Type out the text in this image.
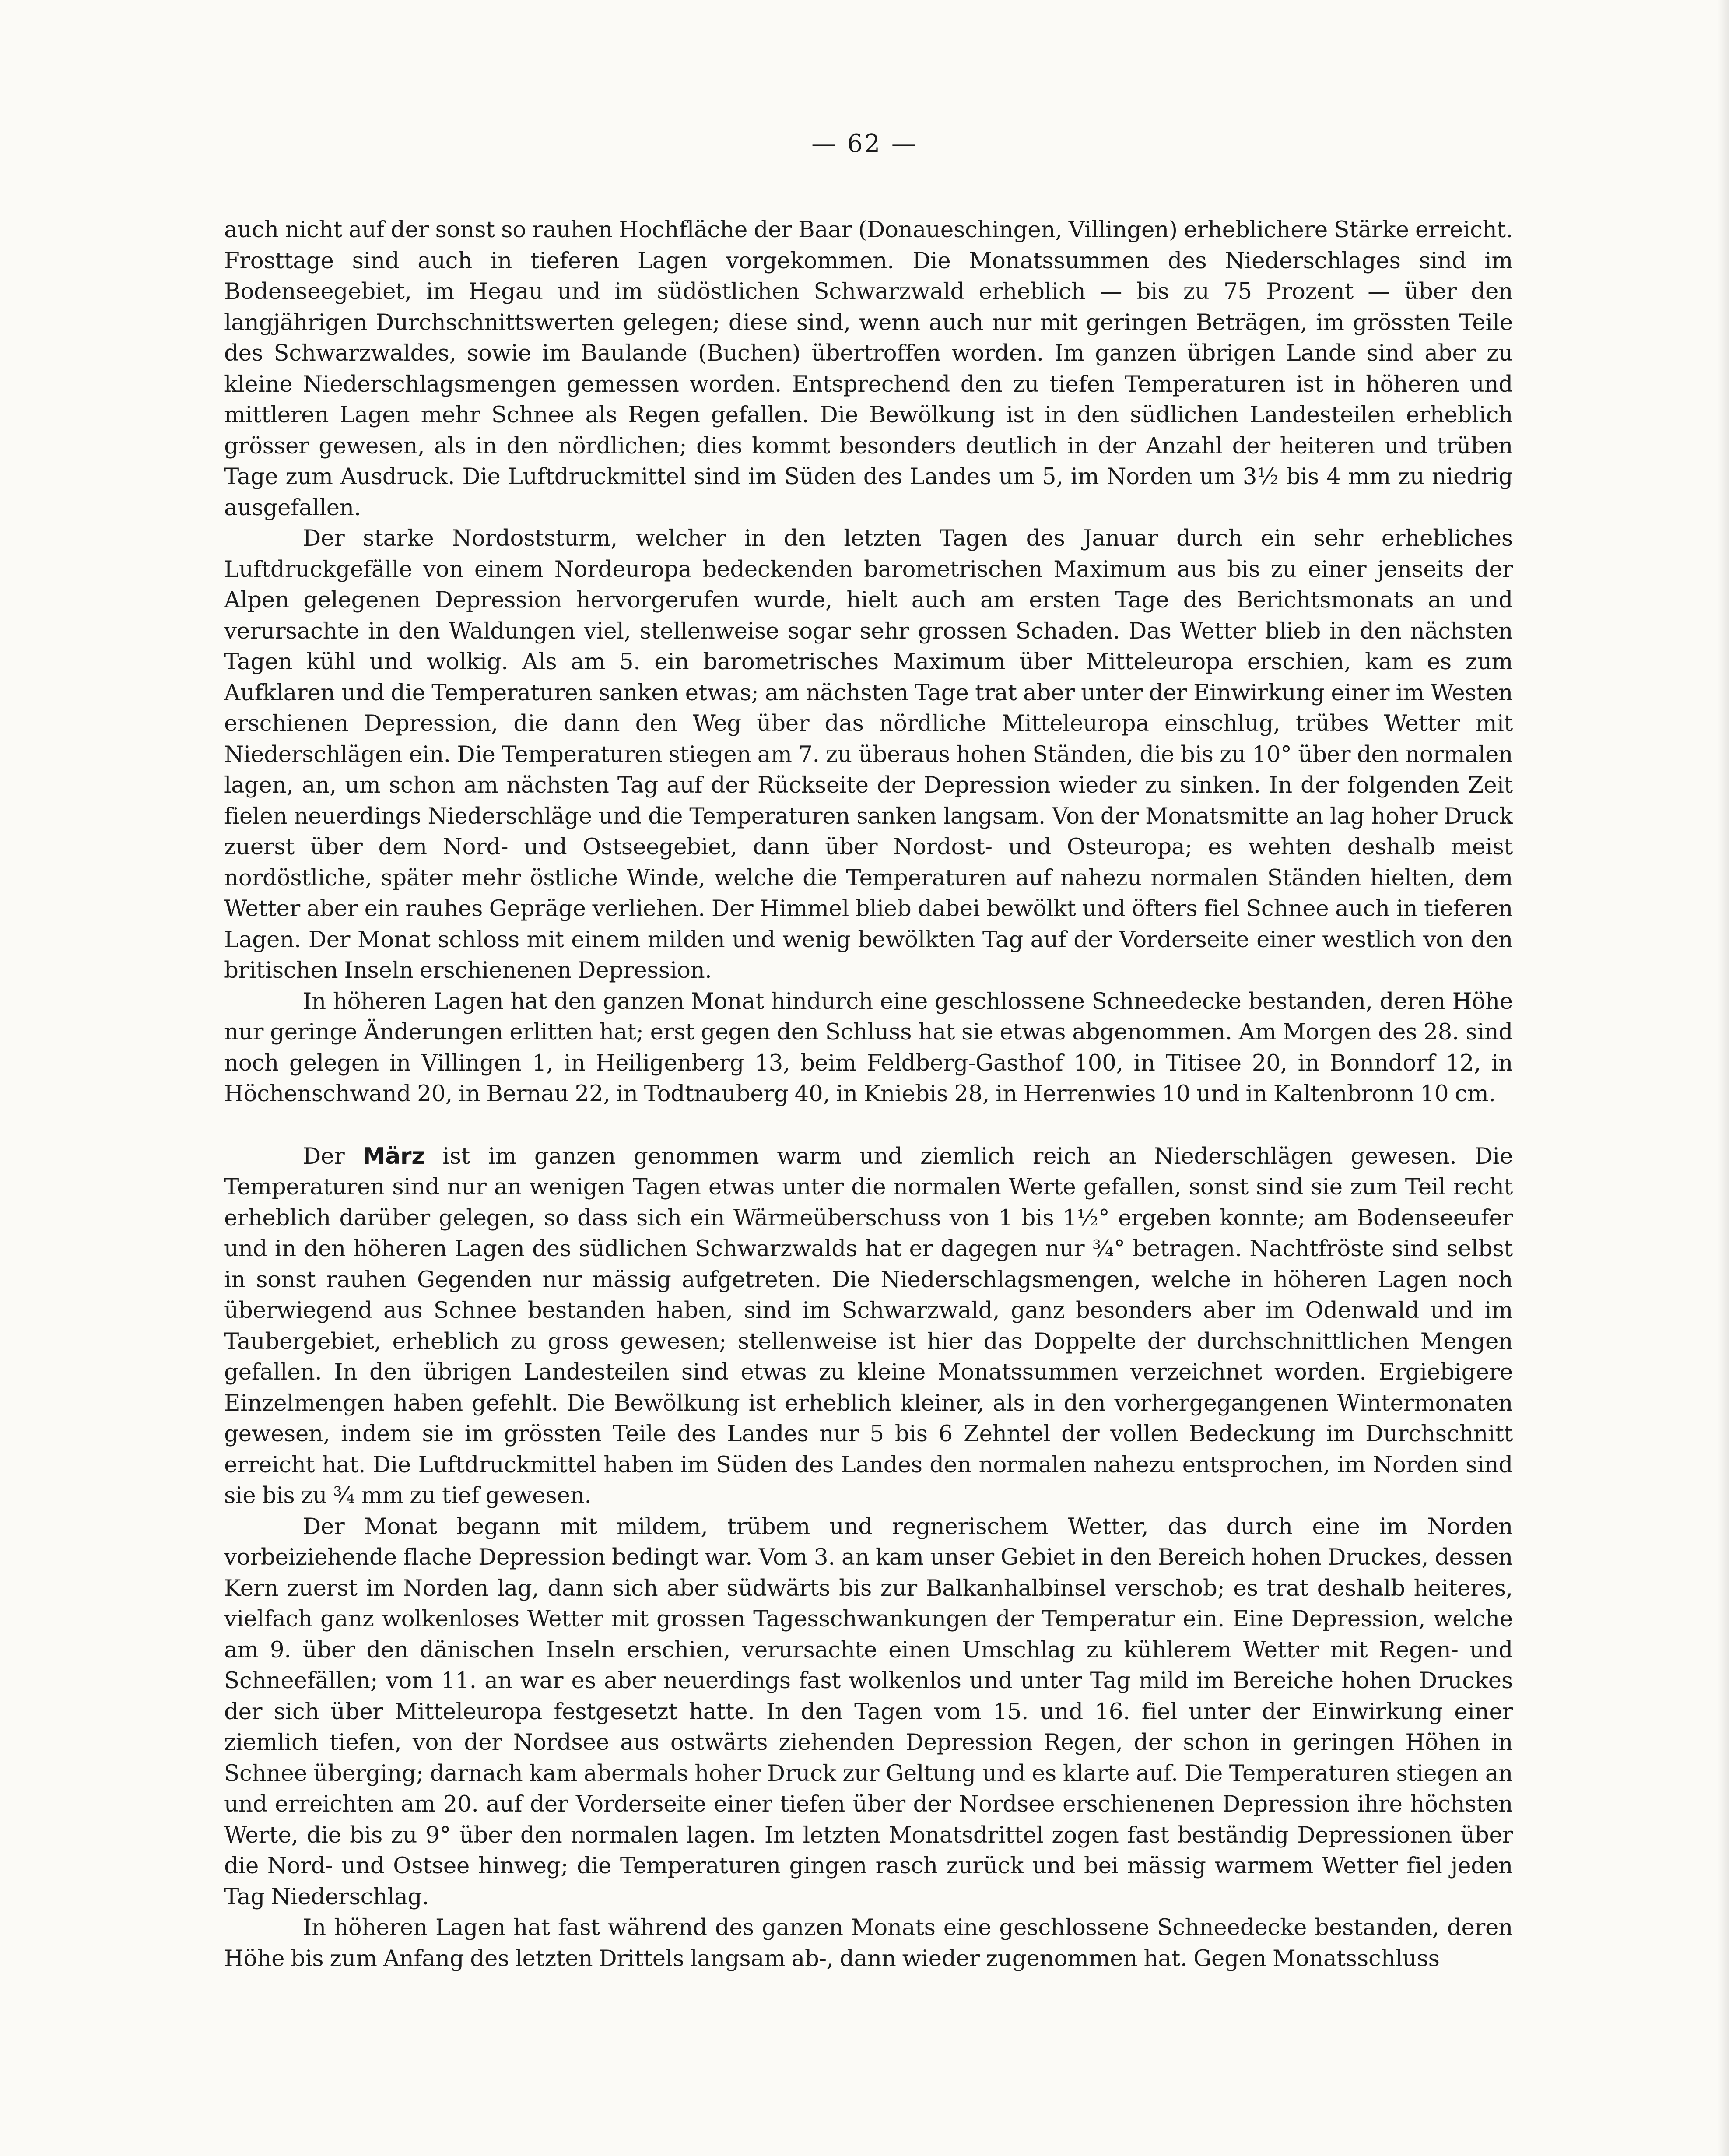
— 62 —

auch nicht auf der sonst so rauhen Hochfläche der Baar (Donaueschingen, Villingen) erheblichere Stärke erreicht. Frosttage sind auch in tieferen Lagen vorgekommen. Die Monatssummen des Niederschlages sind im Bodenseegebiet, im Hegau und im südöstlichen Schwarzwald erheblich — bis zu 75 Prozent — über den langjährigen Durchschnittswerten gelegen; diese sind, wenn auch nur mit geringen Beträgen, im grössten Teile des Schwarzwaldes, sowie im Baulande (Buchen) übertroffen worden. Im ganzen übrigen Lande sind aber zu kleine Niederschlagsmengen gemessen worden. Entsprechend den zu tiefen Temperaturen ist in höheren und mittleren Lagen mehr Schnee als Regen gefallen. Die Bewölkung ist in den südlichen Landesteilen erheblich grösser gewesen, als in den nördlichen; dies kommt besonders deutlich in der Anzahl der heiteren und trüben Tage zum Ausdruck. Die Luftdruckmittel sind im Süden des Landes um 5, im Norden um 3½ bis 4 mm zu niedrig ausgefallen.

Der starke Nordoststurm, welcher in den letzten Tagen des Januar durch ein sehr erhebliches Luftdruckgefälle von einem Nordeuropa bedeckenden barometrischen Maximum aus bis zu einer jenseits der Alpen gelegenen Depression hervorgerufen wurde, hielt auch am ersten Tage des Berichtsmonats an und verursachte in den Waldungen viel, stellenweise sogar sehr grossen Schaden. Das Wetter blieb in den nächsten Tagen kühl und wolkig. Als am 5. ein barometrisches Maximum über Mitteleuropa erschien, kam es zum Aufklaren und die Temperaturen sanken etwas; am nächsten Tage trat aber unter der Einwirkung einer im Westen erschienen Depression, die dann den Weg über das nördliche Mitteleuropa einschlug, trübes Wetter mit Niederschlägen ein. Die Temperaturen stiegen am 7. zu überaus hohen Ständen, die bis zu 10° über den normalen lagen, an, um schon am nächsten Tag auf der Rückseite der Depression wieder zu sinken. In der folgenden Zeit fielen neuerdings Niederschläge und die Temperaturen sanken langsam. Von der Monatsmitte an lag hoher Druck zuerst über dem Nord- und Ostseegebiet, dann über Nordost- und Osteuropa; es wehten deshalb meist nordöstliche, später mehr östliche Winde, welche die Temperaturen auf nahezu normalen Ständen hielten, dem Wetter aber ein rauhes Gepräge verliehen. Der Himmel blieb dabei bewölkt und öfters fiel Schnee auch in tieferen Lagen. Der Monat schloss mit einem milden und wenig bewölkten Tag auf der Vorderseite einer westlich von den britischen Inseln erschienenen Depression.

In höheren Lagen hat den ganzen Monat hindurch eine geschlossene Schneedecke bestanden, deren Höhe nur geringe Änderungen erlitten hat; erst gegen den Schluss hat sie etwas abgenommen. Am Morgen des 28. sind noch gelegen in Villingen 1, in Heiligenberg 13, beim Feldberg-Gasthof 100, in Titisee 20, in Bonndorf 12, in Höchenschwand 20, in Bernau 22, in Todtnauberg 40, in Kniebis 28, in Herrenwies 10 und in Kaltenbronn 10 cm.

Der März ist im ganzen genommen warm und ziemlich reich an Niederschlägen gewesen. Die Temperaturen sind nur an wenigen Tagen etwas unter die normalen Werte gefallen, sonst sind sie zum Teil recht erheblich darüber gelegen, so dass sich ein Wärmeüberschuss von 1 bis 1½° ergeben konnte; am Bodenseeufer und in den höheren Lagen des südlichen Schwarzwalds hat er dagegen nur ¾° betragen. Nachtfröste sind selbst in sonst rauhen Gegenden nur mässig aufgetreten. Die Niederschlagsmengen, welche in höheren Lagen noch überwiegend aus Schnee bestanden haben, sind im Schwarzwald, ganz besonders aber im Odenwald und im Taubergebiet, erheblich zu gross gewesen; stellenweise ist hier das Doppelte der durchschnittlichen Mengen gefallen. In den übrigen Landesteilen sind etwas zu kleine Monatssummen verzeichnet worden. Ergiebigere Einzelmengen haben gefehlt. Die Bewölkung ist erheblich kleiner, als in den vorhergegangenen Wintermonaten gewesen, indem sie im grössten Teile des Landes nur 5 bis 6 Zehntel der vollen Bedeckung im Durchschnitt erreicht hat. Die Luftdruckmittel haben im Süden des Landes den normalen nahezu entsprochen, im Norden sind sie bis zu ¾ mm zu tief gewesen.

Der Monat begann mit mildem, trübem und regnerischem Wetter, das durch eine im Norden vorbeiziehende flache Depression bedingt war. Vom 3. an kam unser Gebiet in den Bereich hohen Druckes, dessen Kern zuerst im Norden lag, dann sich aber südwärts bis zur Balkanhalbinsel verschob; es trat deshalb heiteres, vielfach ganz wolkenloses Wetter mit grossen Tagesschwankungen der Temperatur ein. Eine Depression, welche am 9. über den dänischen Inseln erschien, verursachte einen Umschlag zu kühlerem Wetter mit Regen- und Schneefällen; vom 11. an war es aber neuerdings fast wolkenlos und unter Tag mild im Bereiche hohen Druckes der sich über Mitteleuropa festgesetzt hatte. In den Tagen vom 15. und 16. fiel unter der Einwirkung einer ziemlich tiefen, von der Nordsee aus ostwärts ziehenden Depression Regen, der schon in geringen Höhen in Schnee überging; darnach kam abermals hoher Druck zur Geltung und es klarte auf. Die Temperaturen stiegen an und erreichten am 20. auf der Vorderseite einer tiefen über der Nordsee erschienenen Depression ihre höchsten Werte, die bis zu 9° über den normalen lagen. Im letzten Monatsdrittel zogen fast beständig Depressionen über die Nord- und Ostsee hinweg; die Temperaturen gingen rasch zurück und bei mässig warmem Wetter fiel jeden Tag Niederschlag.

In höheren Lagen hat fast während des ganzen Monats eine geschlossene Schneedecke bestanden, deren Höhe bis zum Anfang des letzten Drittels langsam ab-, dann wieder zugenommen hat. Gegen Monatsschluss
